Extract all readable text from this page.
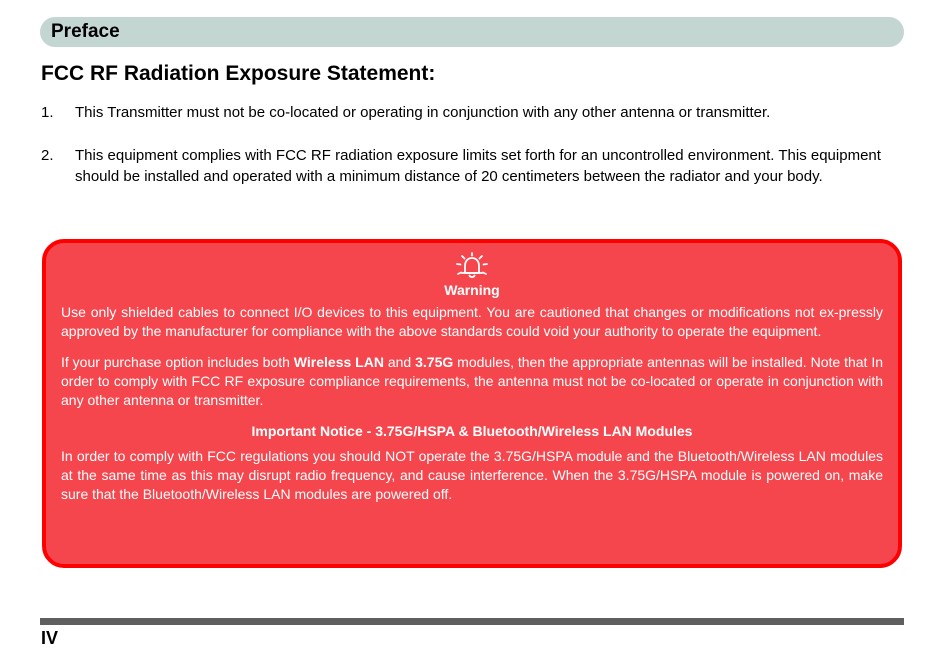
Preface
FCC RF Radiation Exposure Statement:
1. This Transmitter must not be co-located or operating in conjunction with any other antenna or transmitter.
2. This equipment complies with FCC RF radiation exposure limits set forth for an uncontrolled environment. This equipment should be installed and operated with a minimum distance of 20 centimeters between the radiator and your body.
Warning

Use only shielded cables to connect I/O devices to this equipment. You are cautioned that changes or modifications not ex-pressly approved by the manufacturer for compliance with the above standards could void your authority to operate the equipment.

If your purchase option includes both Wireless LAN and 3.75G modules, then the appropriate antennas will be installed. Note that In order to comply with FCC RF exposure compliance requirements, the antenna must not be co-located or operate in conjunction with any other antenna or transmitter.

Important Notice - 3.75G/HSPA & Bluetooth/Wireless LAN Modules

In order to comply with FCC regulations you should NOT operate the 3.75G/HSPA module and the Bluetooth/Wireless LAN modules at the same time as this may disrupt radio frequency, and cause interference. When the 3.75G/HSPA module is powered on, make sure that the Bluetooth/Wireless LAN modules are powered off.

IV
